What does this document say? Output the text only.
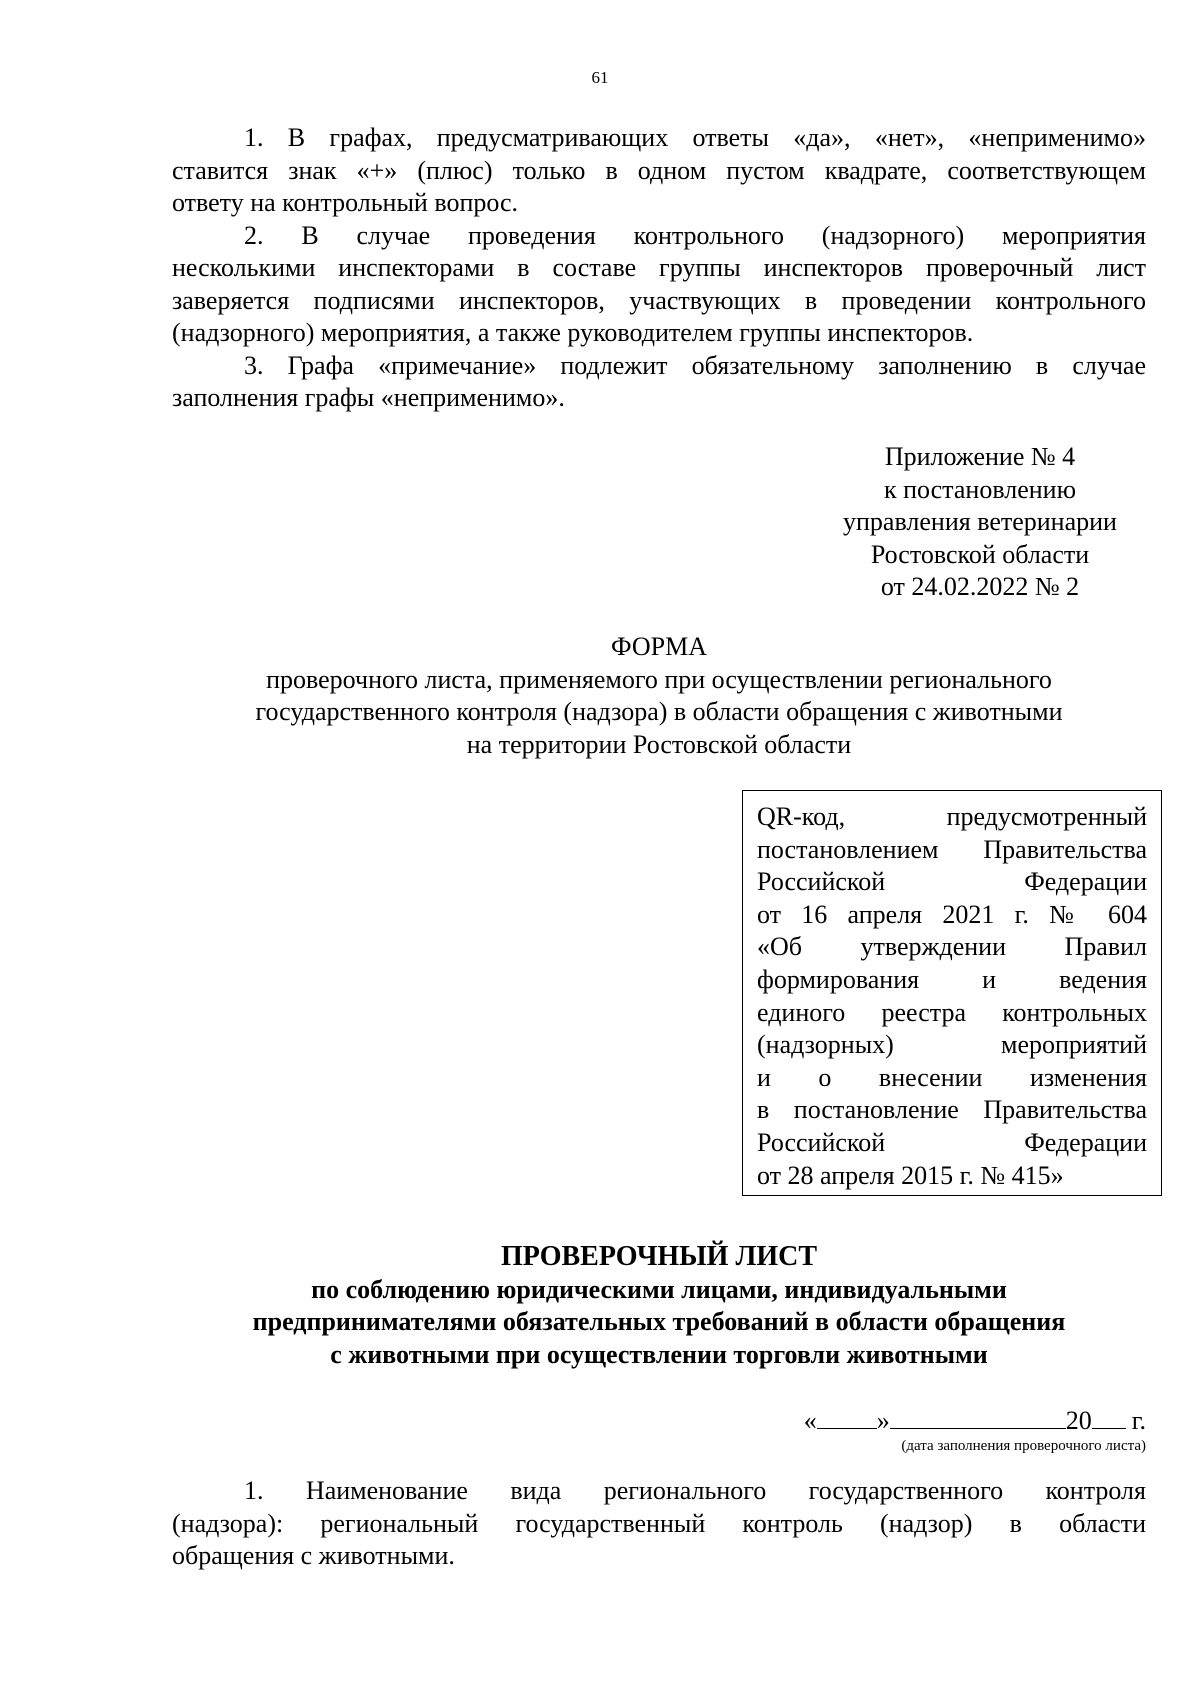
61

1. В графах, предусматривающих ответы «да», «нет», «неприменимо»

ставится знак «+» (плюс) только в одном пустом квадрате, соответствующем

ответу на контрольный вопрос.

2. В случае проведения контрольного (надзорного) мероприятия

несколькими инспекторами в составе группы инспекторов проверочный лист

заверяется подписями инспекторов, участвующих в проведении контрольного

(надзорного) мероприятия, а также руководителем группы инспекторов.

3. Графа «примечание» подлежит обязательному заполнению в случае

заполнения графы «неприменимо».

Приложение № 4
к постановлению
управления ветеринарии
Ростовской области
от 24.02.2022 № 2
ФОРМА
проверочного листа, применяемого при осуществлении регионального
государственного контроля (надзора) в области обращения с животными
на территории Ростовской области
QR-код, предусмотренный
постановлением Правительства
Российской Федерации
от 16 апреля 2021 г. № 604
«Об утверждении Правил
формирования и ведения
единого реестра контрольных
(надзорных) мероприятий
и о внесении изменения
в постановление Правительства
Российской Федерации
от 28 апреля 2015 г. № 415»
ПРОВЕРОЧНЫЙ ЛИСТ
по соблюдению юридическими лицами, индивидуальными
предпринимателями обязательных требований в области обращения
с животными при осуществлении торговли животными
« »	20 г.
(дата заполнения проверочного листа)

1. Наименование вида регионального государственного контроля

(надзора): региональный государственный контроль (надзор) в области

обращения с животными.
